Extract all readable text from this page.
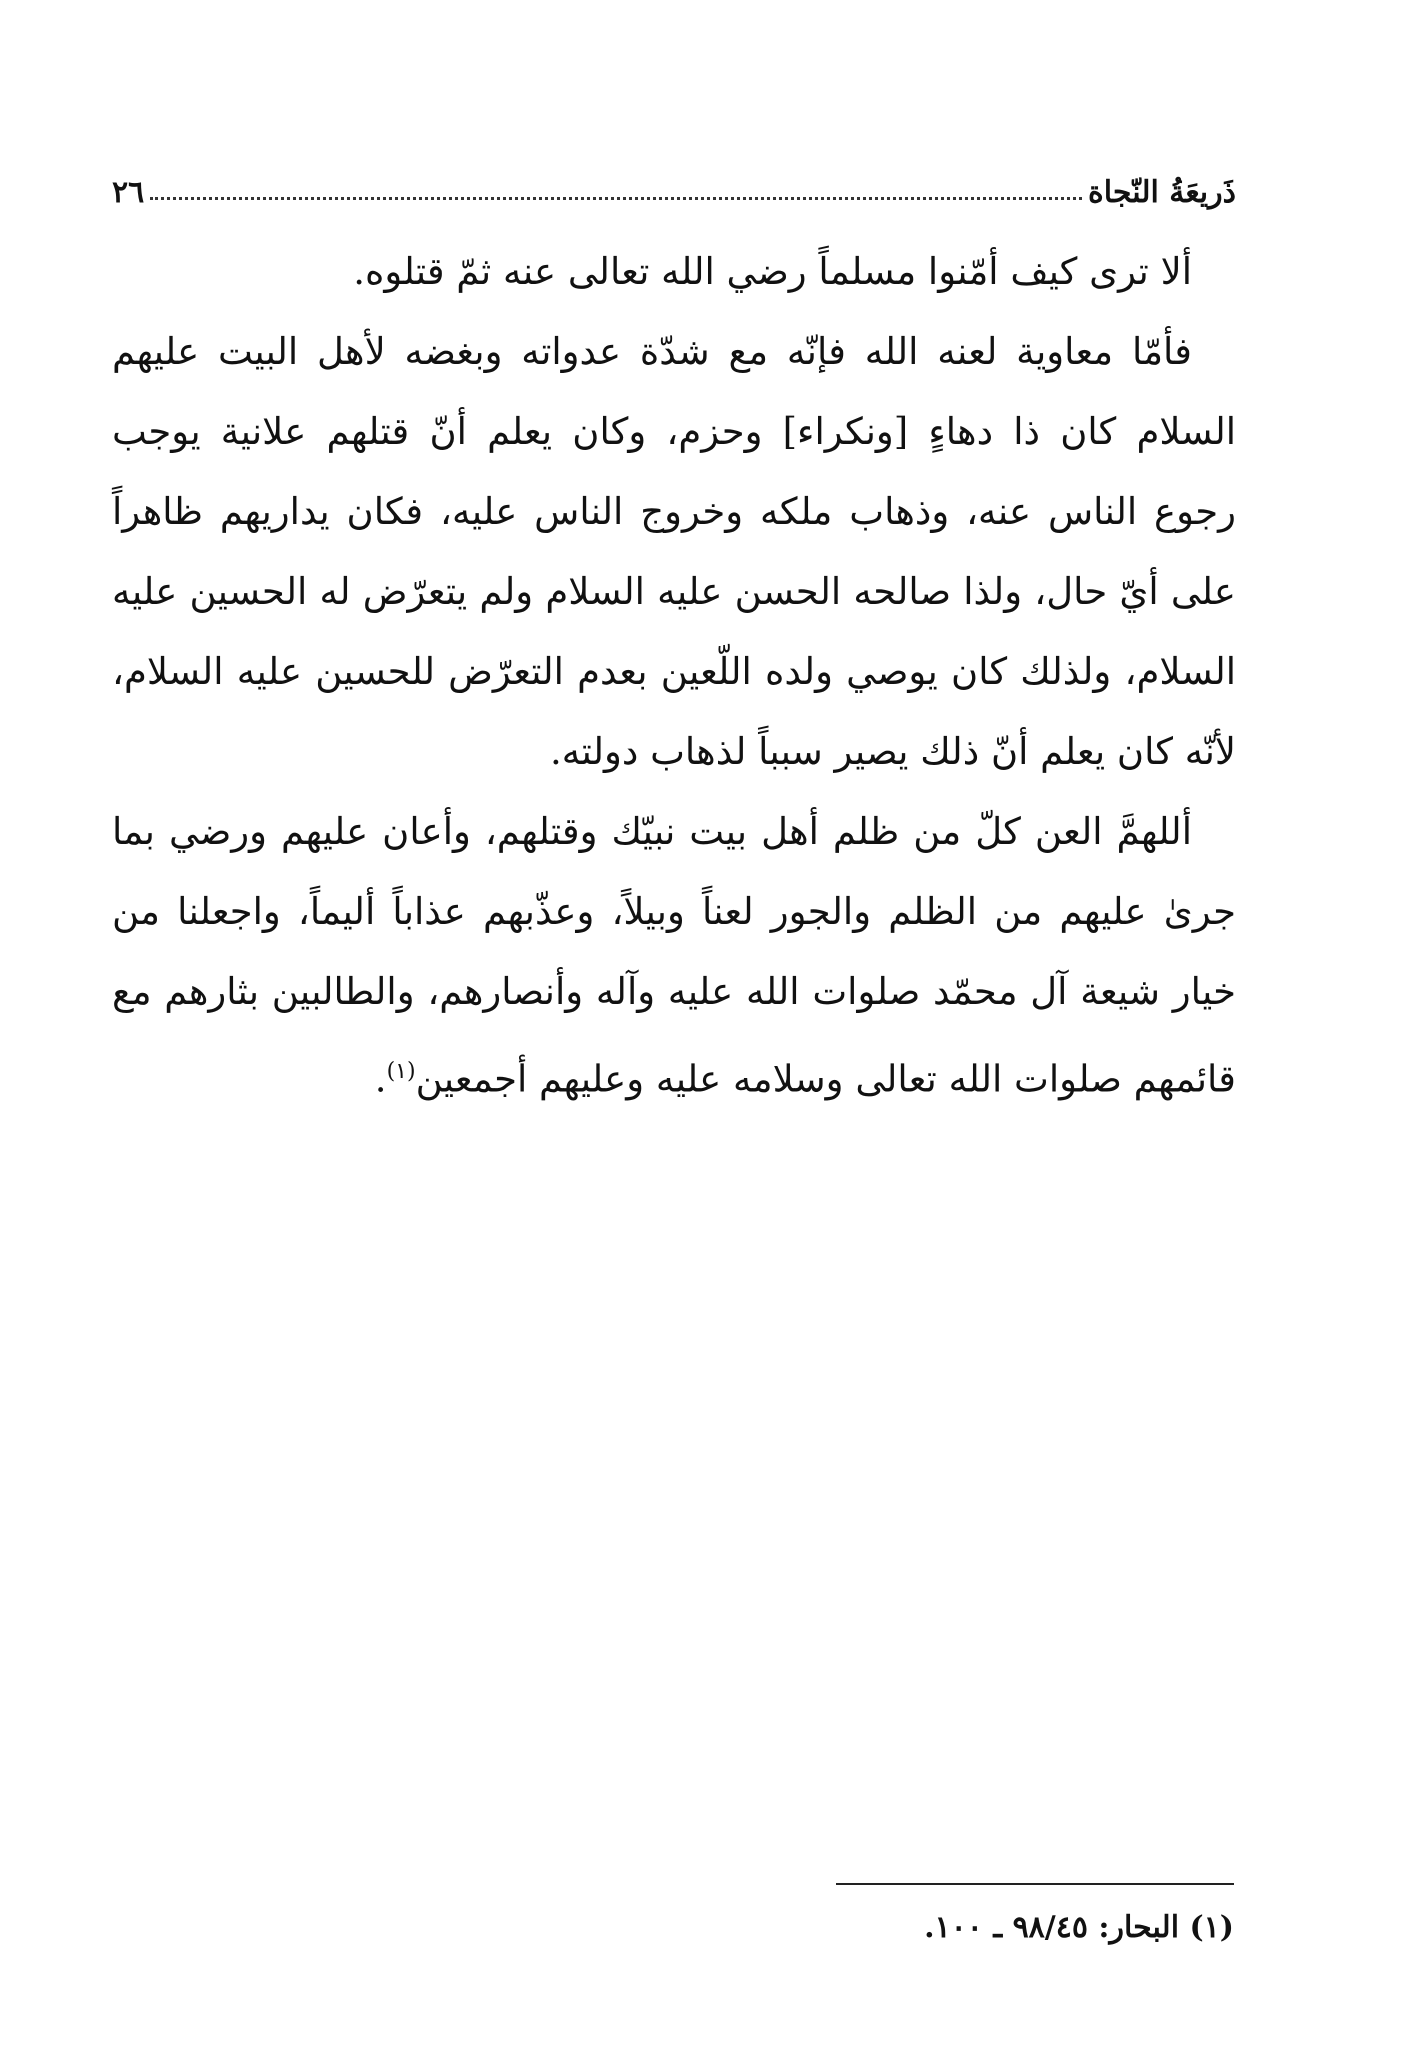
ذَريعَةُ النّجاة
٢٦

ألا ترى كيف أمّنوا مسلماً رضي الله تعالى عنه ثمّ قتلوه.

فأمّا معاوية لعنه الله فإنّه مع شدّة عدواته وبغضه لأهل البيت عليهم السلام كان ذا دهاءٍ [ونكراء] وحزم، وكان يعلم أنّ قتلهم علانية يوجب رجوع الناس عنه، وذهاب ملكه وخروج الناس عليه، فكان يداريهم ظاهراً على أيّ حال، ولذا صالحه الحسن عليه السلام ولم يتعرّض له الحسين عليه السلام، ولذلك كان يوصي ولده اللّعين بعدم التعرّض للحسين عليه السلام، لأنّه كان يعلم أنّ ذلك يصير سبباً لذهاب دولته.

أللهمَّ العن كلّ من ظلم أهل بيت نبيّك وقتلهم، وأعان عليهم ورضي بما جرىٰ عليهم من الظلم والجور لعناً وبيلاً، وعذّبهم عذاباً أليماً، واجعلنا من خيار شيعة آل محمّد صلوات الله عليه وآله وأنصارهم، والطالبين بثارهم مع قائمهم صلوات الله تعالى وسلامه عليه وعليهم أجمعين$^{(١)}$.

(١) البحار: ٩٨/٤٥ ـ ١٠٠.
